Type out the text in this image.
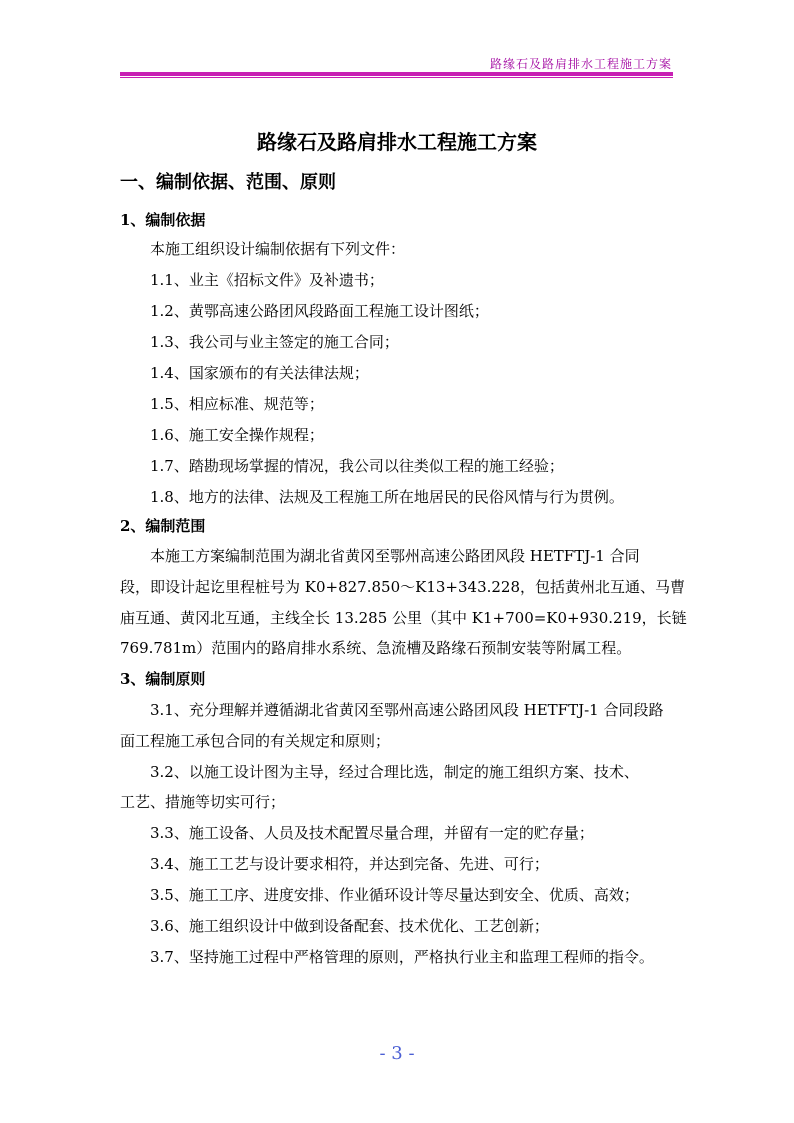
路缘石及路肩排水工程施工方案
路缘石及路肩排水工程施工方案
一、编制依据、范围、原则
1、编制依据
本施工组织设计编制依据有下列文件：
1.1、业主《招标文件》及补遗书；
1.2、黄鄂高速公路团风段路面工程施工设计图纸；
1.3、我公司与业主签定的施工合同；
1.4、国家颁布的有关法律法规；
1.5、相应标准、规范等；
1.6、施工安全操作规程；
1.7、踏勘现场掌握的情况，我公司以往类似工程的施工经验；
1.8、地方的法律、法规及工程施工所在地居民的民俗风情与行为贯例。
2、编制范围
本施工方案编制范围为湖北省黄冈至鄂州高速公路团风段 HETFTJ-1 合同
段，即设计起讫里程桩号为 K0+827.850～K13+343.228，包括黄州北互通、马曹
庙互通、黄冈北互通，主线全长 13.285 公里（其中 K1+700=K0+930.219，长链
769.781m）范围内的路肩排水系统、急流槽及路缘石预制安装等附属工程。
3、编制原则
3.1、充分理解并遵循湖北省黄冈至鄂州高速公路团风段 HETFTJ-1 合同段路
面工程施工承包合同的有关规定和原则；
3.2、以施工设计图为主导，经过合理比选，制定的施工组织方案、技术、
工艺、措施等切实可行；
3.3、施工设备、人员及技术配置尽量合理，并留有一定的贮存量；
3.4、施工工艺与设计要求相符，并达到完备、先进、可行；
3.5、施工工序、进度安排、作业循环设计等尽量达到安全、优质、高效；
3.6、施工组织设计中做到设备配套、技术优化、工艺创新；
3.7、坚持施工过程中严格管理的原则，严格执行业主和监理工程师的指令。
- 3 -
